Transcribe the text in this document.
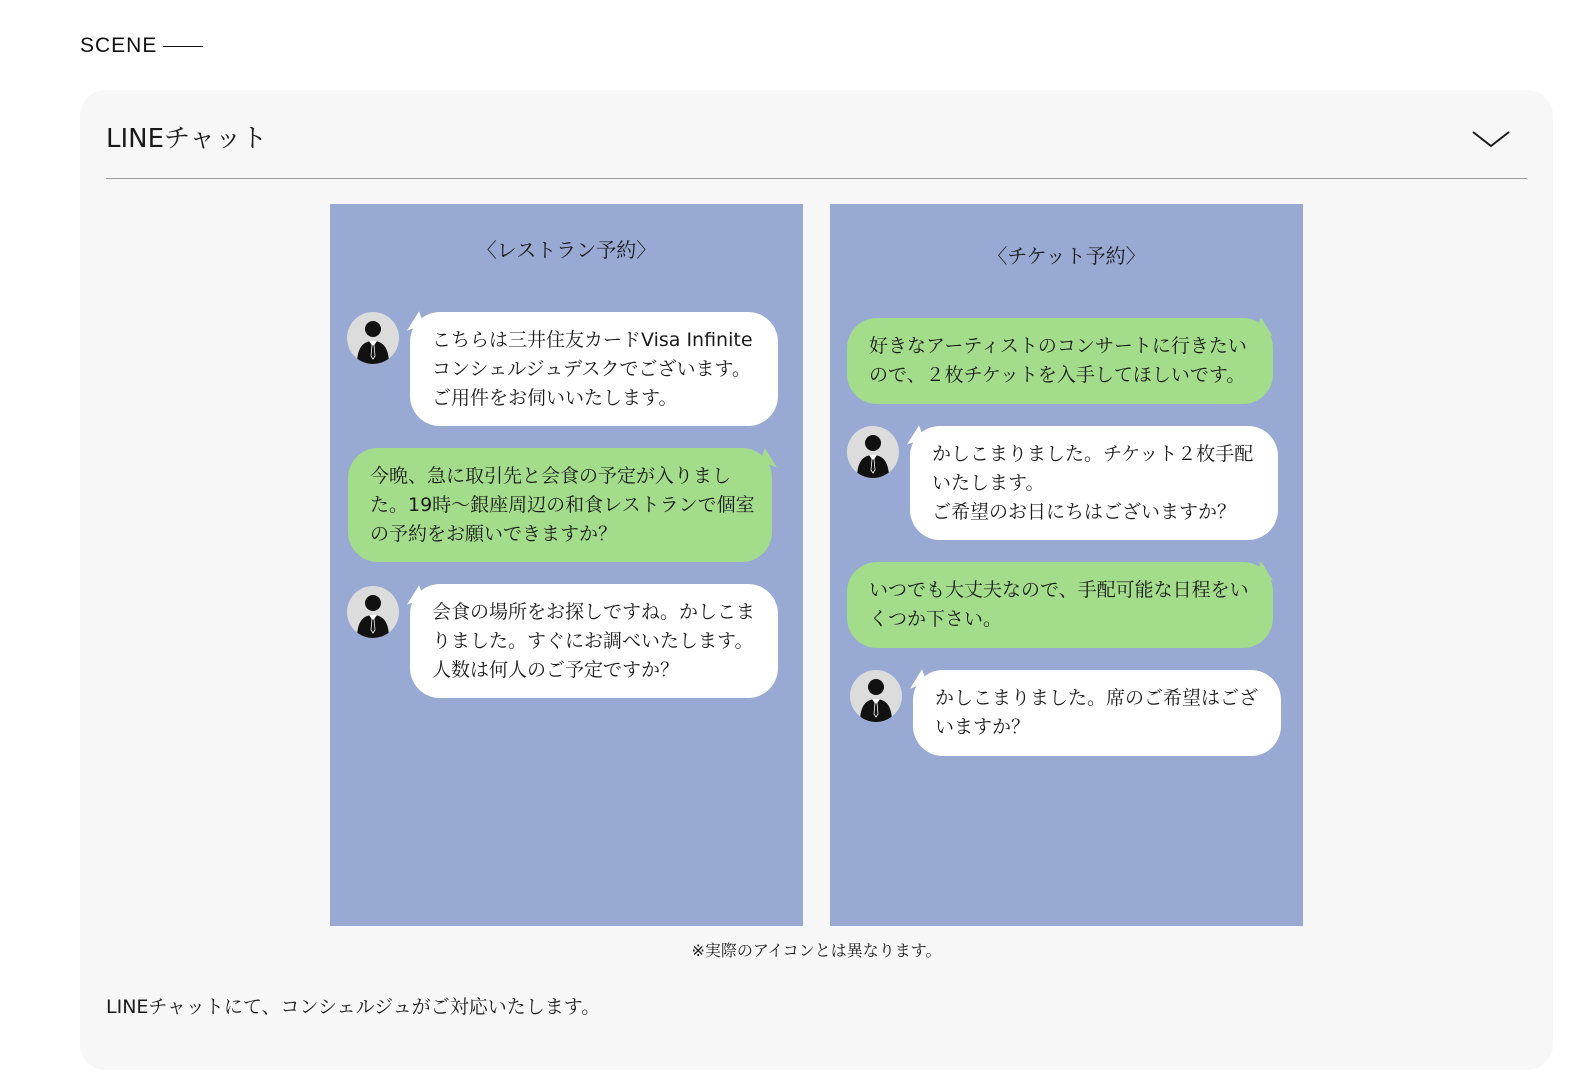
SCENE
LINEチャット
〈レストラン予約〉
こちらは三井住友カードVisa Infinite
コンシェルジュデスクでございます。
ご用件をお伺いいたします。
今晩、急に取引先と会食の予定が入りまし
た。19時～銀座周辺の和食レストランで個室
の予約をお願いできますか？
会食の場所をお探しですね。かしこま
りました。すぐにお調べいたします。
人数は何人のご予定ですか？
〈チケット予約〉
好きなアーティストのコンサートに行きたい
ので、２枚チケットを入手してほしいです。
かしこまりました。チケット２枚手配
いたします。
ご希望のお日にちはございますか？
いつでも大丈夫なので、手配可能な日程をい
くつか下さい。
かしこまりました。席のご希望はござ
いますか？
※実際のアイコンとは異なります。
LINEチャットにて、コンシェルジュがご対応いたします。
